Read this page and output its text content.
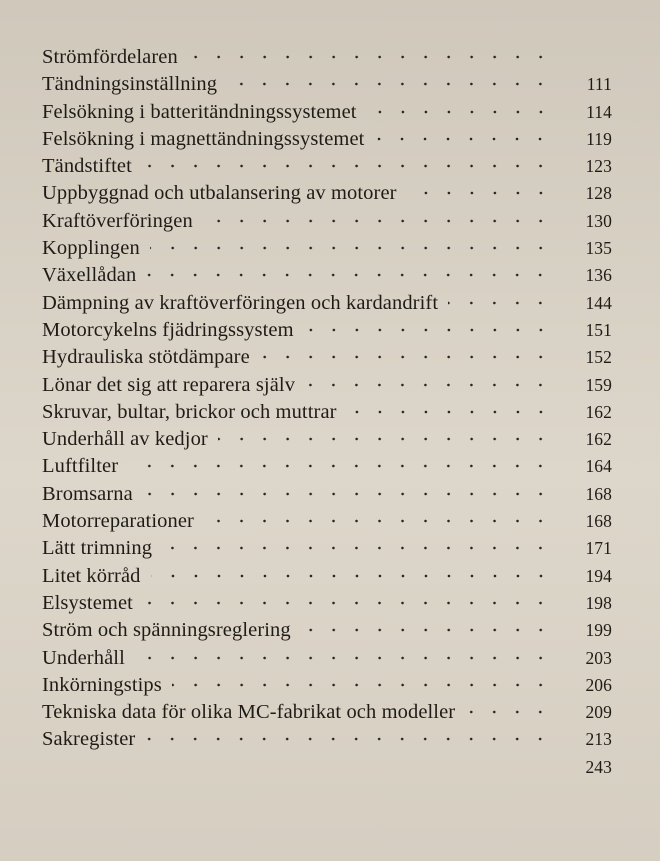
Strömfördelaren
Tändningsinställning	111
Felsökning i batteritändningssystemet	114
Felsökning i magnettändningssystemet	119
Tändstiftet	123
Uppbyggnad och utbalansering av motorer	128
Kraftöverföringen	130
Kopplingen	135
Växellådan	136
Dämpning av kraftöverföringen och kardandrift	144
Motorcykelns fjädringssystem	151
Hydrauliska stötdämpare	152
Lönar det sig att reparera själv	159
Skruvar, bultar, brickor och muttrar	162
Underhåll av kedjor	162
Luftfilter	164
Bromsarna	168
Motorreparationer	168
Lätt trimning	171
Litet körråd	194
Elsystemet	198
Ström och spänningsreglering	199
Underhåll	203
Inkörningstips	206
Tekniska data för olika MC-fabrikat och modeller	209
Sakregister	213
243
